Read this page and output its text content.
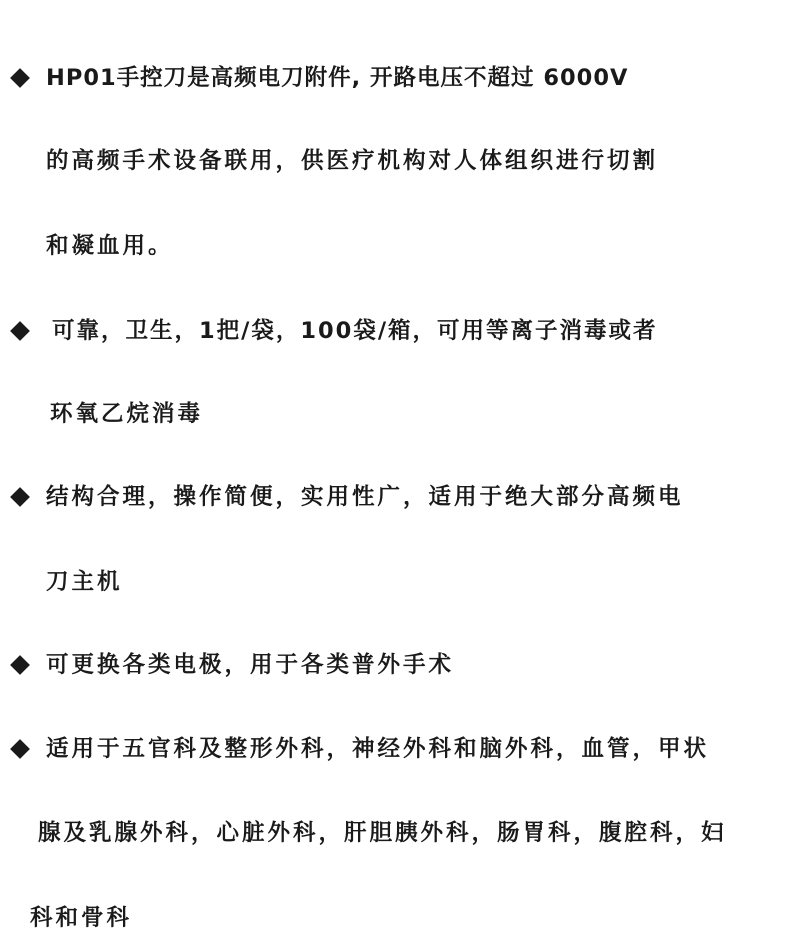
HP01手控刀是高频电刀附件, 开路电压不超过 6000V
的高频手术设备联用，供医疗机构对人体组织进行切割
和凝血用。
可靠，卫生，1把/袋，100袋/箱，可用等离子消毒或者
环氧乙烷消毒
结构合理，操作简便，实用性广，适用于绝大部分高频电
刀主机
可更换各类电极，用于各类普外手术
适用于五官科及整形外科，神经外科和脑外科，血管，甲状
腺及乳腺外科，心脏外科，肝胆胰外科，肠胃科，腹腔科，妇
科和骨科
